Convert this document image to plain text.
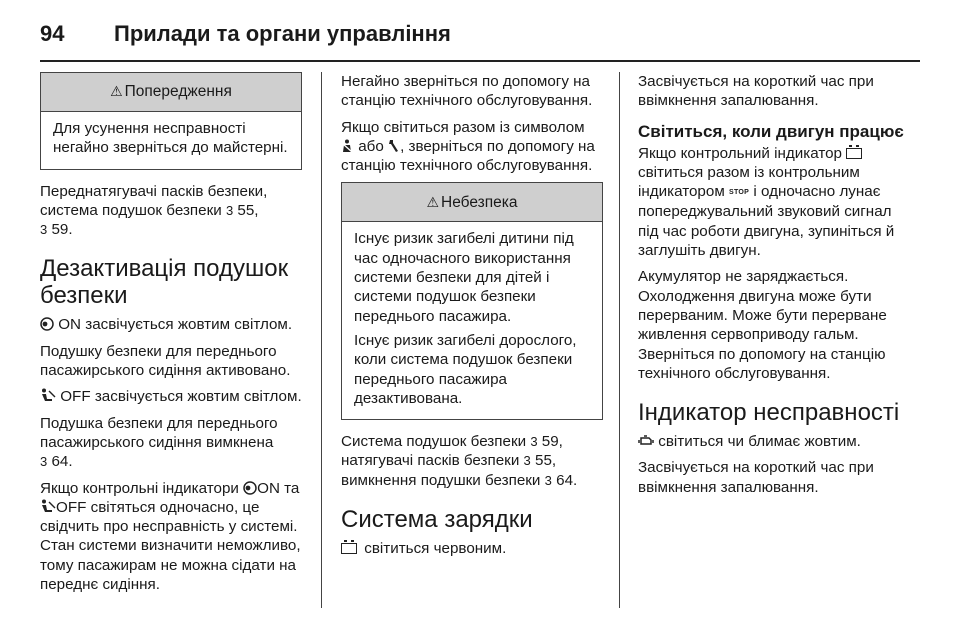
94	Прилади та органи управління
⚠ Попередження

Для усунення несправності негайно зверніться до майстерні.

Переднатягувачі пасків безпеки, система подушок безпеки 3 55,
3 59.

Дезактивація подушок безпеки

ON засвічується жовтим світлом.

Подушку безпеки для переднього пасажирського сидіння активовано.

OFF засвічується жовтим світлом.

Подушка безпеки для переднього пасажирського сидіння вимкнена
3 64.

Якщо контрольні індикатори ON та OFF світяться одночасно, це свідчить про несправність у системі. Стан системи визначити неможливо, тому пасажирам не можна сідати на переднє сидіння.

Негайно зверніться по допомогу на станцію технічного обслуговування.

Якщо світиться разом із символом
або , зверніться по допомогу на станцію технічного обслуговування.

⚠ Небезпека

Існує ризик загибелі дитини під час одночасного використання системи безпеки для дітей і системи подушок безпеки переднього пасажира.

Існує ризик загибелі дорослого, коли система подушок безпеки переднього пасажира дезактивована.

Система подушок безпеки 3 59, натягувачі пасків безпеки 3 55, вимкнення подушки безпеки 3 64.

Система зарядки

світиться червоним.

Засвічується на короткий час при ввімкнення запалювання.

Світиться, коли двигун працює

Якщо контрольний індикатор  світиться разом із контрольним індикатором STOP і одночасно лунає попереджувальний звуковий сигнал під час роботи двигуна, зупиніться й заглушіть двигун.

Акумулятор не заряджається. Охолодження двигуна може бути перерваним. Може бути перерване живлення сервоприводу гальм. Зверніться по допомогу на станцію технічного обслуговування.

Індикатор несправності

світиться чи блимає жовтим.

Засвічується на короткий час при ввімкнення запалювання.
